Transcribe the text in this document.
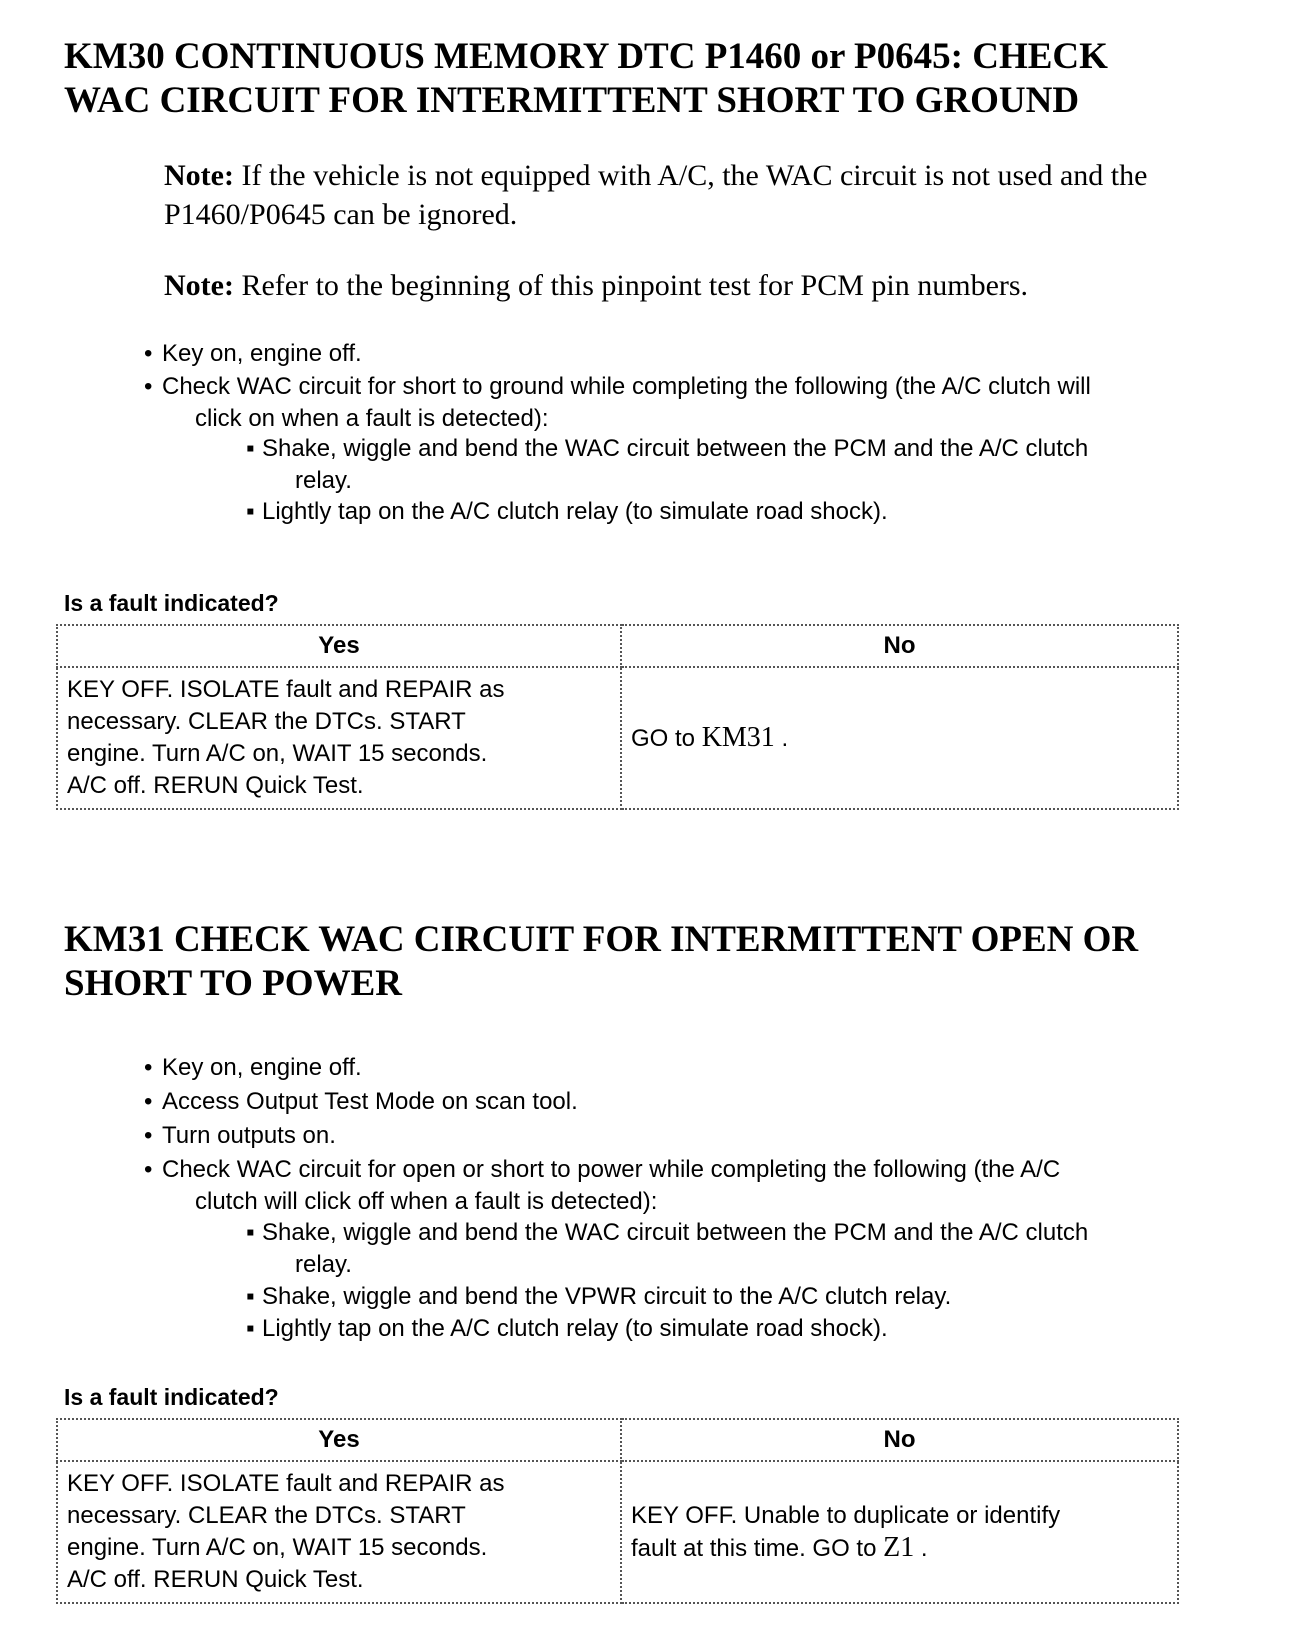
KM30 CONTINUOUS MEMORY DTC P1460 or P0645: CHECK
WAC CIRCUIT FOR INTERMITTENT SHORT TO GROUND

Note: If the vehicle is not equipped with A/C, the WAC circuit is not used and the
P1460/P0645 can be ignored.

Note: Refer to the beginning of this pinpoint test for PCM pin numbers.

• Key on, engine off.
• Check WAC circuit for short to ground while completing the following (the A/C clutch will
click on when a fault is detected):
▪ Shake, wiggle and bend the WAC circuit between the PCM and the A/C clutch
relay.
▪ Lightly tap on the A/C clutch relay (to simulate road shock).

Is a fault indicated?

Yes	No
KEY OFF. ISOLATE fault and REPAIR as
necessary. CLEAR the DTCs. START
engine. Turn A/C on, WAIT 15 seconds.
A/C off. RERUN Quick Test.	GO to KM31 .
KM31 CHECK WAC CIRCUIT FOR INTERMITTENT OPEN OR
SHORT TO POWER
• Key on, engine off.
• Access Output Test Mode on scan tool.
• Turn outputs on.
• Check WAC circuit for open or short to power while completing the following (the A/C
clutch will click off when a fault is detected):
▪ Shake, wiggle and bend the WAC circuit between the PCM and the A/C clutch
relay.
▪ Shake, wiggle and bend the VPWR circuit to the A/C clutch relay.
▪ Lightly tap on the A/C clutch relay (to simulate road shock).

Is a fault indicated?

Yes	No
KEY OFF. ISOLATE fault and REPAIR as
necessary. CLEAR the DTCs. START
engine. Turn A/C on, WAIT 15 seconds.
A/C off. RERUN Quick Test.	KEY OFF. Unable to duplicate or identify
fault at this time. GO to Z1 .
